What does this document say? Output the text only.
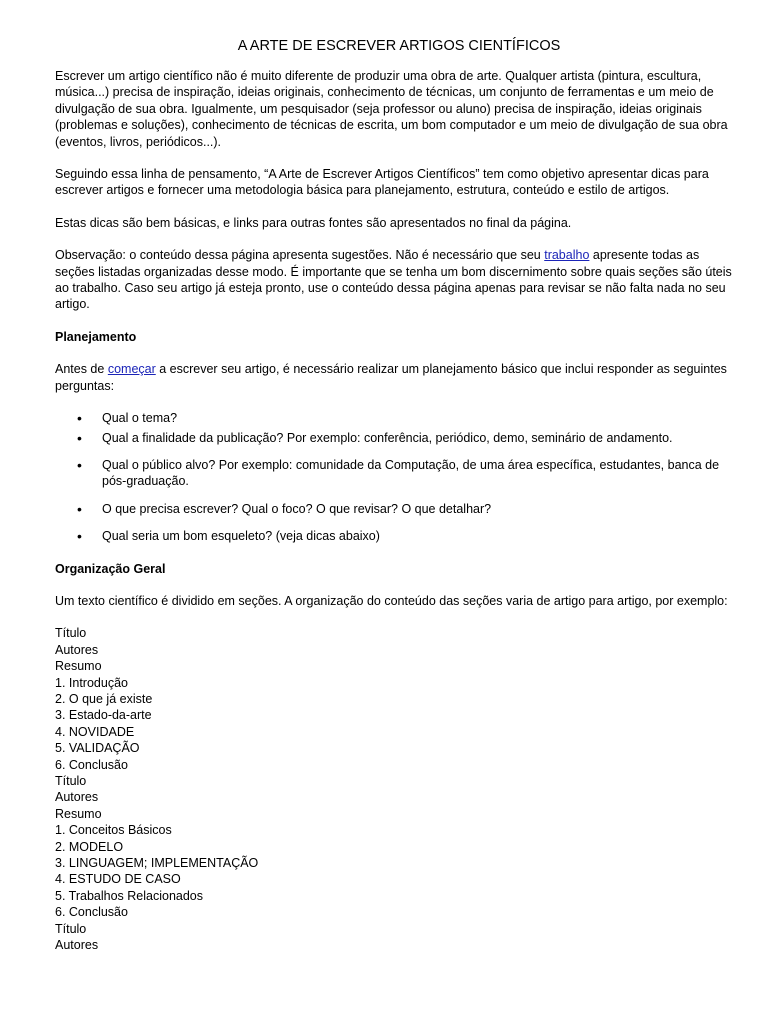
A ARTE DE ESCREVER ARTIGOS CIENTÍFICOS

Escrever um artigo científico não é muito diferente de produzir uma obra de arte. Qualquer artista (pintura, escultura, música...) precisa de inspiração, ideias originais, conhecimento de técnicas, um conjunto de ferramentas e um meio de divulgação de sua obra. Igualmente, um pesquisador (seja professor ou aluno) precisa de inspiração, ideias originais (problemas e soluções), conhecimento de técnicas de escrita, um bom computador e um meio de divulgação de sua obra (eventos, livros, periódicos...).

Seguindo essa linha de pensamento, “A Arte de Escrever Artigos Científicos” tem como objetivo apresentar dicas para escrever artigos e fornecer uma metodologia básica para planejamento, estrutura, conteúdo e estilo de artigos.

Estas dicas são bem básicas, e links para outras fontes são apresentados no final da página.

Observação: o conteúdo dessa página apresenta sugestões. Não é necessário que seu trabalho apresente todas as seções listadas organizadas desse modo. É importante que se tenha um bom discernimento sobre quais seções são úteis ao trabalho. Caso seu artigo já esteja pronto, use o conteúdo dessa página apenas para revisar se não falta nada no seu artigo.

Planejamento

Antes de começar a escrever seu artigo, é necessário realizar um planejamento básico que inclui responder as seguintes perguntas:

• Qual o tema?
• Qual a finalidade da publicação? Por exemplo: conferência, periódico, demo, seminário de andamento.
• Qual o público alvo? Por exemplo: comunidade da Computação, de uma área específica, estudantes, banca de pós-graduação.
• O que precisa escrever? Qual o foco? O que revisar? O que detalhar?
• Qual seria um bom esqueleto? (veja dicas abaixo)

Organização Geral

Um texto científico é dividido em seções. A organização do conteúdo das seções varia de artigo para artigo, por exemplo:

Título
Autores
Resumo
1. Introdução
2. O que já existe
3. Estado-da-arte
4. NOVIDADE
5. VALIDAÇÃO
6. Conclusão
Título
Autores
Resumo
1. Conceitos Básicos
2. MODELO
3. LINGUAGEM; IMPLEMENTAÇÃO
4. ESTUDO DE CASO
5. Trabalhos Relacionados
6. Conclusão
Título
Autores
